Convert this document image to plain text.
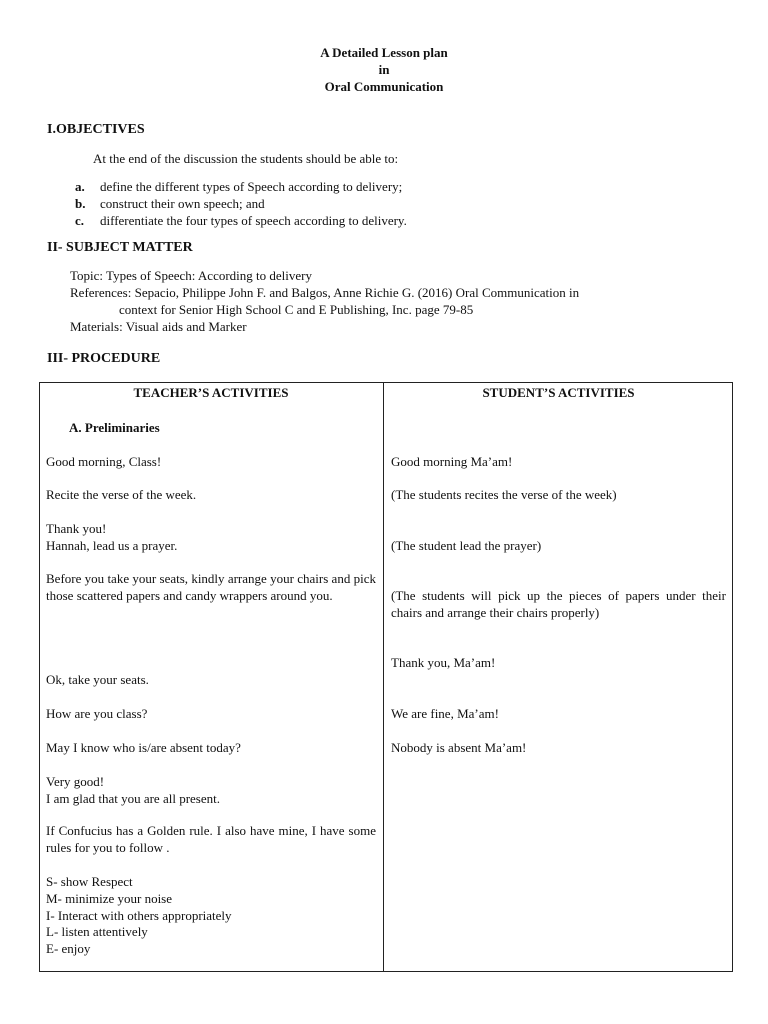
A Detailed Lesson plan
in
Oral Communication
I.OBJECTIVES
At the end of the discussion the students should be able to:
a. define the different types of Speech according to delivery;
b. construct their own speech; and
c. differentiate the four types of speech according to delivery.
II- SUBJECT MATTER
Topic: Types of Speech: According to delivery
References: Sepacio, Philippe John F. and Balgos, Anne Richie G. (2016) Oral Communication in
context for Senior High School C and E Publishing, Inc. page 79-85
Materials: Visual aids and Marker
III- PROCEDURE
TEACHER’S ACTIVITIES	STUDENT’S ACTIVITIES
A. Preliminaries
Good morning, Class!
Recite the verse of the week.
Thank you!
Hannah, lead us a prayer.
Before you take your seats, kindly arrange your chairs and pick those scattered papers and candy wrappers around you.
Ok, take your seats.
How are you class?
May I know who is/are absent today?
Very good!
I am glad that you are all present.
If Confucius has a Golden rule. I also have mine, I have some rules for you to follow .
S- show Respect
M- minimize your noise
I- Interact with others appropriately
L- listen attentively
E- enjoy
Good morning Ma’am!
(The students recites the verse of the week)
(The student lead the prayer)
(The students will pick up the pieces of papers under their chairs and arrange their chairs properly)
Thank you, Ma’am!
We are fine, Ma’am!
Nobody is absent Ma’am!
